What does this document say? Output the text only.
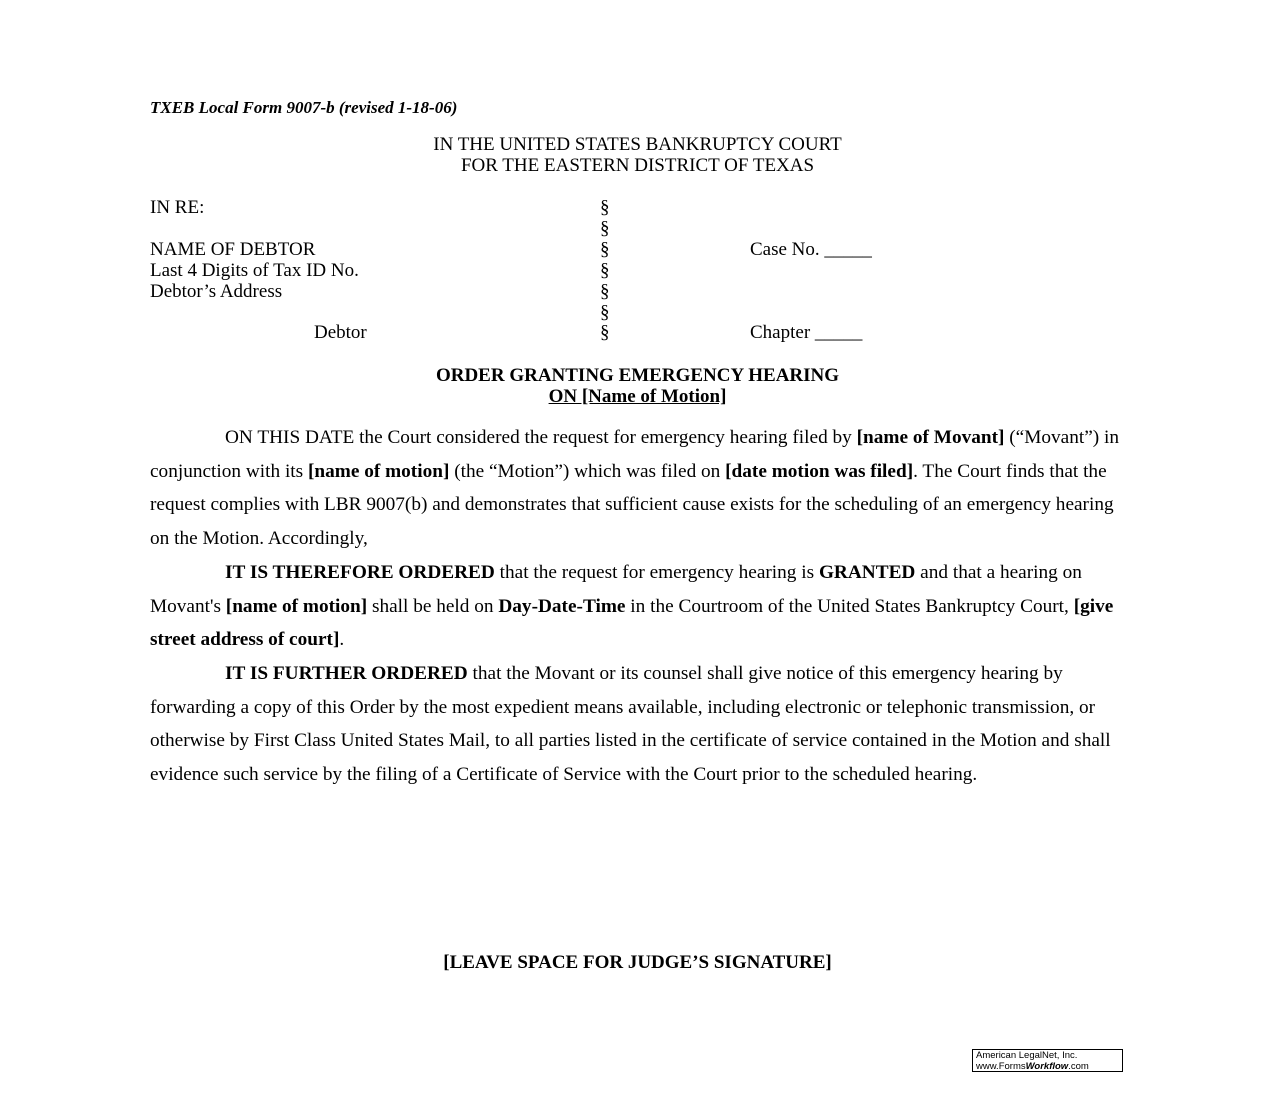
TXEB Local Form 9007-b (revised 1-18-06)
IN THE UNITED STATES BANKRUPTCY COURT
FOR THE EASTERN DISTRICT OF TEXAS
IN RE:
NAME OF DEBTOR
Last 4 Digits of Tax ID No.
Debtor’s Address
Debtor
§
§
§
§
§
§
§
Case No. _____
Chapter _____
ORDER GRANTING EMERGENCY HEARING
ON [Name of Motion]

ON THIS DATE the Court considered the request for emergency hearing filed by [name of Movant] (“Movant”) in conjunction with its [name of motion] (the “Motion”) which was filed on [date motion was filed]. The Court finds that the request complies with LBR 9007(b) and demonstrates that sufficient cause exists for the scheduling of an emergency hearing on the Motion. Accordingly,

IT IS THEREFORE ORDERED that the request for emergency hearing is GRANTED and that a hearing on Movant's [name of motion] shall be held on Day-Date-Time in the Courtroom of the United States Bankruptcy Court, [give street address of court].

IT IS FURTHER ORDERED that the Movant or its counsel shall give notice of this emergency hearing by forwarding a copy of this Order by the most expedient means available, including electronic or telephonic transmission, or otherwise by First Class United States Mail, to all parties listed in the certificate of service contained in the Motion and shall evidence such service by the filing of a Certificate of Service with the Court prior to the scheduled hearing.

[LEAVE SPACE FOR JUDGE’S SIGNATURE]
American LegalNet, Inc.
www.FormsWorkflow.com
